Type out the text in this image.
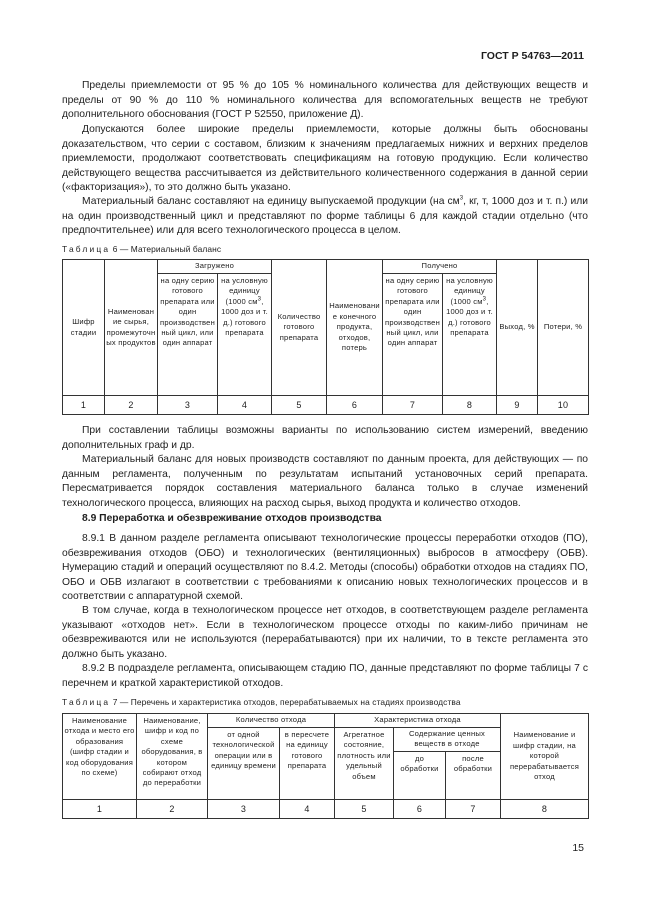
ГОСТ Р 54763—2011
Пределы приемлемости от 95 % до 105 % номинального количества для действующих веществ и пределы от 90 % до 110 % номинального количества для вспомогательных веществ не требуют дополнительного обоснования (ГОСТ Р 52550, приложение Д).
Допускаются более широкие пределы приемлемости, которые должны быть обоснованы доказательством, что серии с составом, близким к значениям предлагаемых нижних и верхних пределов приемлемости, продолжают соответствовать спецификациям на готовую продукцию. Если количество действующего вещества рассчитывается из действительного количественного содержания в данной серии («факторизация»), то это должно быть указано.
Материальный баланс составляют на единицу выпускаемой продукции (на $см^3$, кг, т, 1000 доз и т. п.) или на один производственный цикл и представляют по форме таблицы 6 для каждой стадии отдельно (что предпочтительнее) или для всего технологического процесса в целом.
Таблица 6 — Материальный баланс
Шифр стадии	Наименование сырья, промежуточных продуктов	Загружено		Количество готового препарата	Наименование конечного продукта, отходов, потерь	Получено		Выход, %	Потери, %
		на одну серию готового препарата или один производственный цикл, или один аппарат	на условную единицу (1000 $см^3$, 1000 доз и т. д.) готового препарата			на одну серию готового препарата или один производственный цикл, или один аппарат	на условную единицу (1000 $см^3$, 1000 доз и т. д.) готового препарата		
1	2	3	4	5	6	7	8	9	10
При составлении таблицы возможны варианты по использованию систем измерений, введению дополнительных граф и др.
Материальный баланс для новых производств составляют по данным проекта, для действующих — по данным регламента, полученным по результатам испытаний установочных серий препарата. Пересматривается порядок составления материального баланса только в случае изменений технологического процесса, влияющих на расход сырья, выход продукта и количество отходов.
8.9 Переработка и обезвреживание отходов производства
8.9.1 В данном разделе регламента описывают технологические процессы переработки отходов (ПО), обезвреживания отходов (ОБО) и технологических (вентиляционных) выбросов в атмосферу (ОБВ). Нумерацию стадий и операций осуществляют по 8.4.2. Методы (способы) обработки отходов на стадиях ПО, ОБО и ОБВ излагают в соответствии с требованиями к описанию новых технологических процессов и в соответствии с аппаратурной схемой.
В том случае, когда в технологическом процессе нет отходов, в соответствующем разделе регламента указывают «отходов нет». Если в технологическом процессе отходы по каким-либо причинам не обезвреживаются или не используются (перерабатываются) при их наличии, то в тексте регламента это должно быть указано.
8.9.2 В подразделе регламента, описывающем стадию ПО, данные представляют по форме таблицы 7 с перечнем и краткой характеристикой отходов.
Таблица 7 — Перечень и характеристика отходов, перерабатываемых на стадиях производства
Наименование отхода и место его образования (шифр стадии и код оборудования по схеме)	Наименование, шифр и код по схеме оборудования, в котором собирают отход до переработки	Количество отхода		Характеристика отхода			Наименование и шифр стадии, на которой перерабатывается отход
		от одной технологической операции или в единицу времени	в пересчете на единицу готового препарата	Агрегатное состояние, плотность или удельный объем	Содержание ценных веществ в отходе		
					до обработки	после обработки	
1	2	3	4	5	6	7	8
15
